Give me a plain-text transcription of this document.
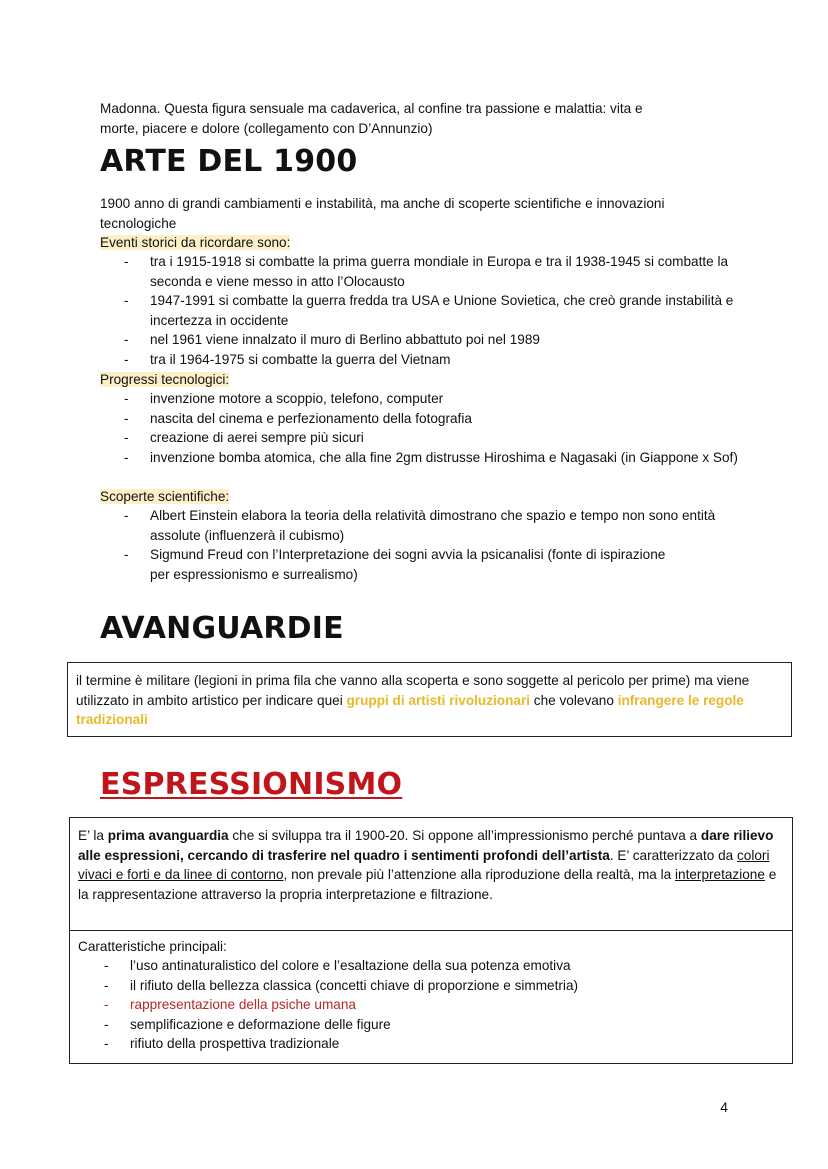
Madonna. Questa figura sensuale ma cadaverica, al confine tra passione e malattia: vita e
morte, piacere e dolore (collegamento con D’Annunzio)
ARTE DEL 1900
1900 anno di grandi cambiamenti e instabilità, ma anche di scoperte scientifiche e innovazioni tecnologiche
Eventi storici da ricordare sono:
- tra i 1915-1918 si combatte la prima guerra mondiale in Europa e tra il 1938-1945 si combatte la seconda e viene messo in atto l’Olocausto
- 1947-1991 si combatte la guerra fredda tra USA e Unione Sovietica, che creò grande instabilità e incertezza in occidente
- nel 1961 viene innalzato il muro di Berlino abbattuto poi nel 1989
- tra il 1964-1975 si combatte la guerra del Vietnam
Progressi tecnologici:
- invenzione motore a scoppio, telefono, computer
- nascita del cinema e perfezionamento della fotografia
- creazione di aerei sempre più sicuri
- invenzione bomba atomica, che alla fine 2gm distrusse Hiroshima e Nagasaki (in Giappone x Sof)
Scoperte scientifiche:
- Albert Einstein elabora la teoria della relatività dimostrano che spazio e tempo non sono entità assolute (influenzerà il cubismo)
- Sigmund Freud con l’Interpretazione dei sogni avvia la psicanalisi (fonte di ispirazione per espressionismo e surrealismo)
AVANGUARDIE
il termine è militare (legioni in prima fila che vanno alla scoperta e sono soggette al pericolo per prime) ma viene utilizzato in ambito artistico per indicare quei gruppi di artisti rivoluzionari che volevano infrangere le regole tradizionali
ESPRESSIONISMO
E’ la prima avanguardia che si sviluppa tra il 1900-20. Si oppone all’impressionismo perché puntava a dare rilievo alle espressioni, cercando di trasferire nel quadro i sentimenti profondi dell’artista. E’ caratterizzato da colori vivaci e forti e da linee di contorno, non prevale più l’attenzione alla riproduzione della realtà, ma la interpretazione e la rappresentazione attraverso la propria interpretazione e filtrazione.
Caratteristiche principali:
- l’uso antinaturalistico del colore e l’esaltazione della sua potenza emotiva
- il rifiuto della bellezza classica (concetti chiave di proporzione e simmetria)
- rappresentazione della psiche umana
- semplificazione e deformazione delle figure
- rifiuto della prospettiva tradizionale
4
